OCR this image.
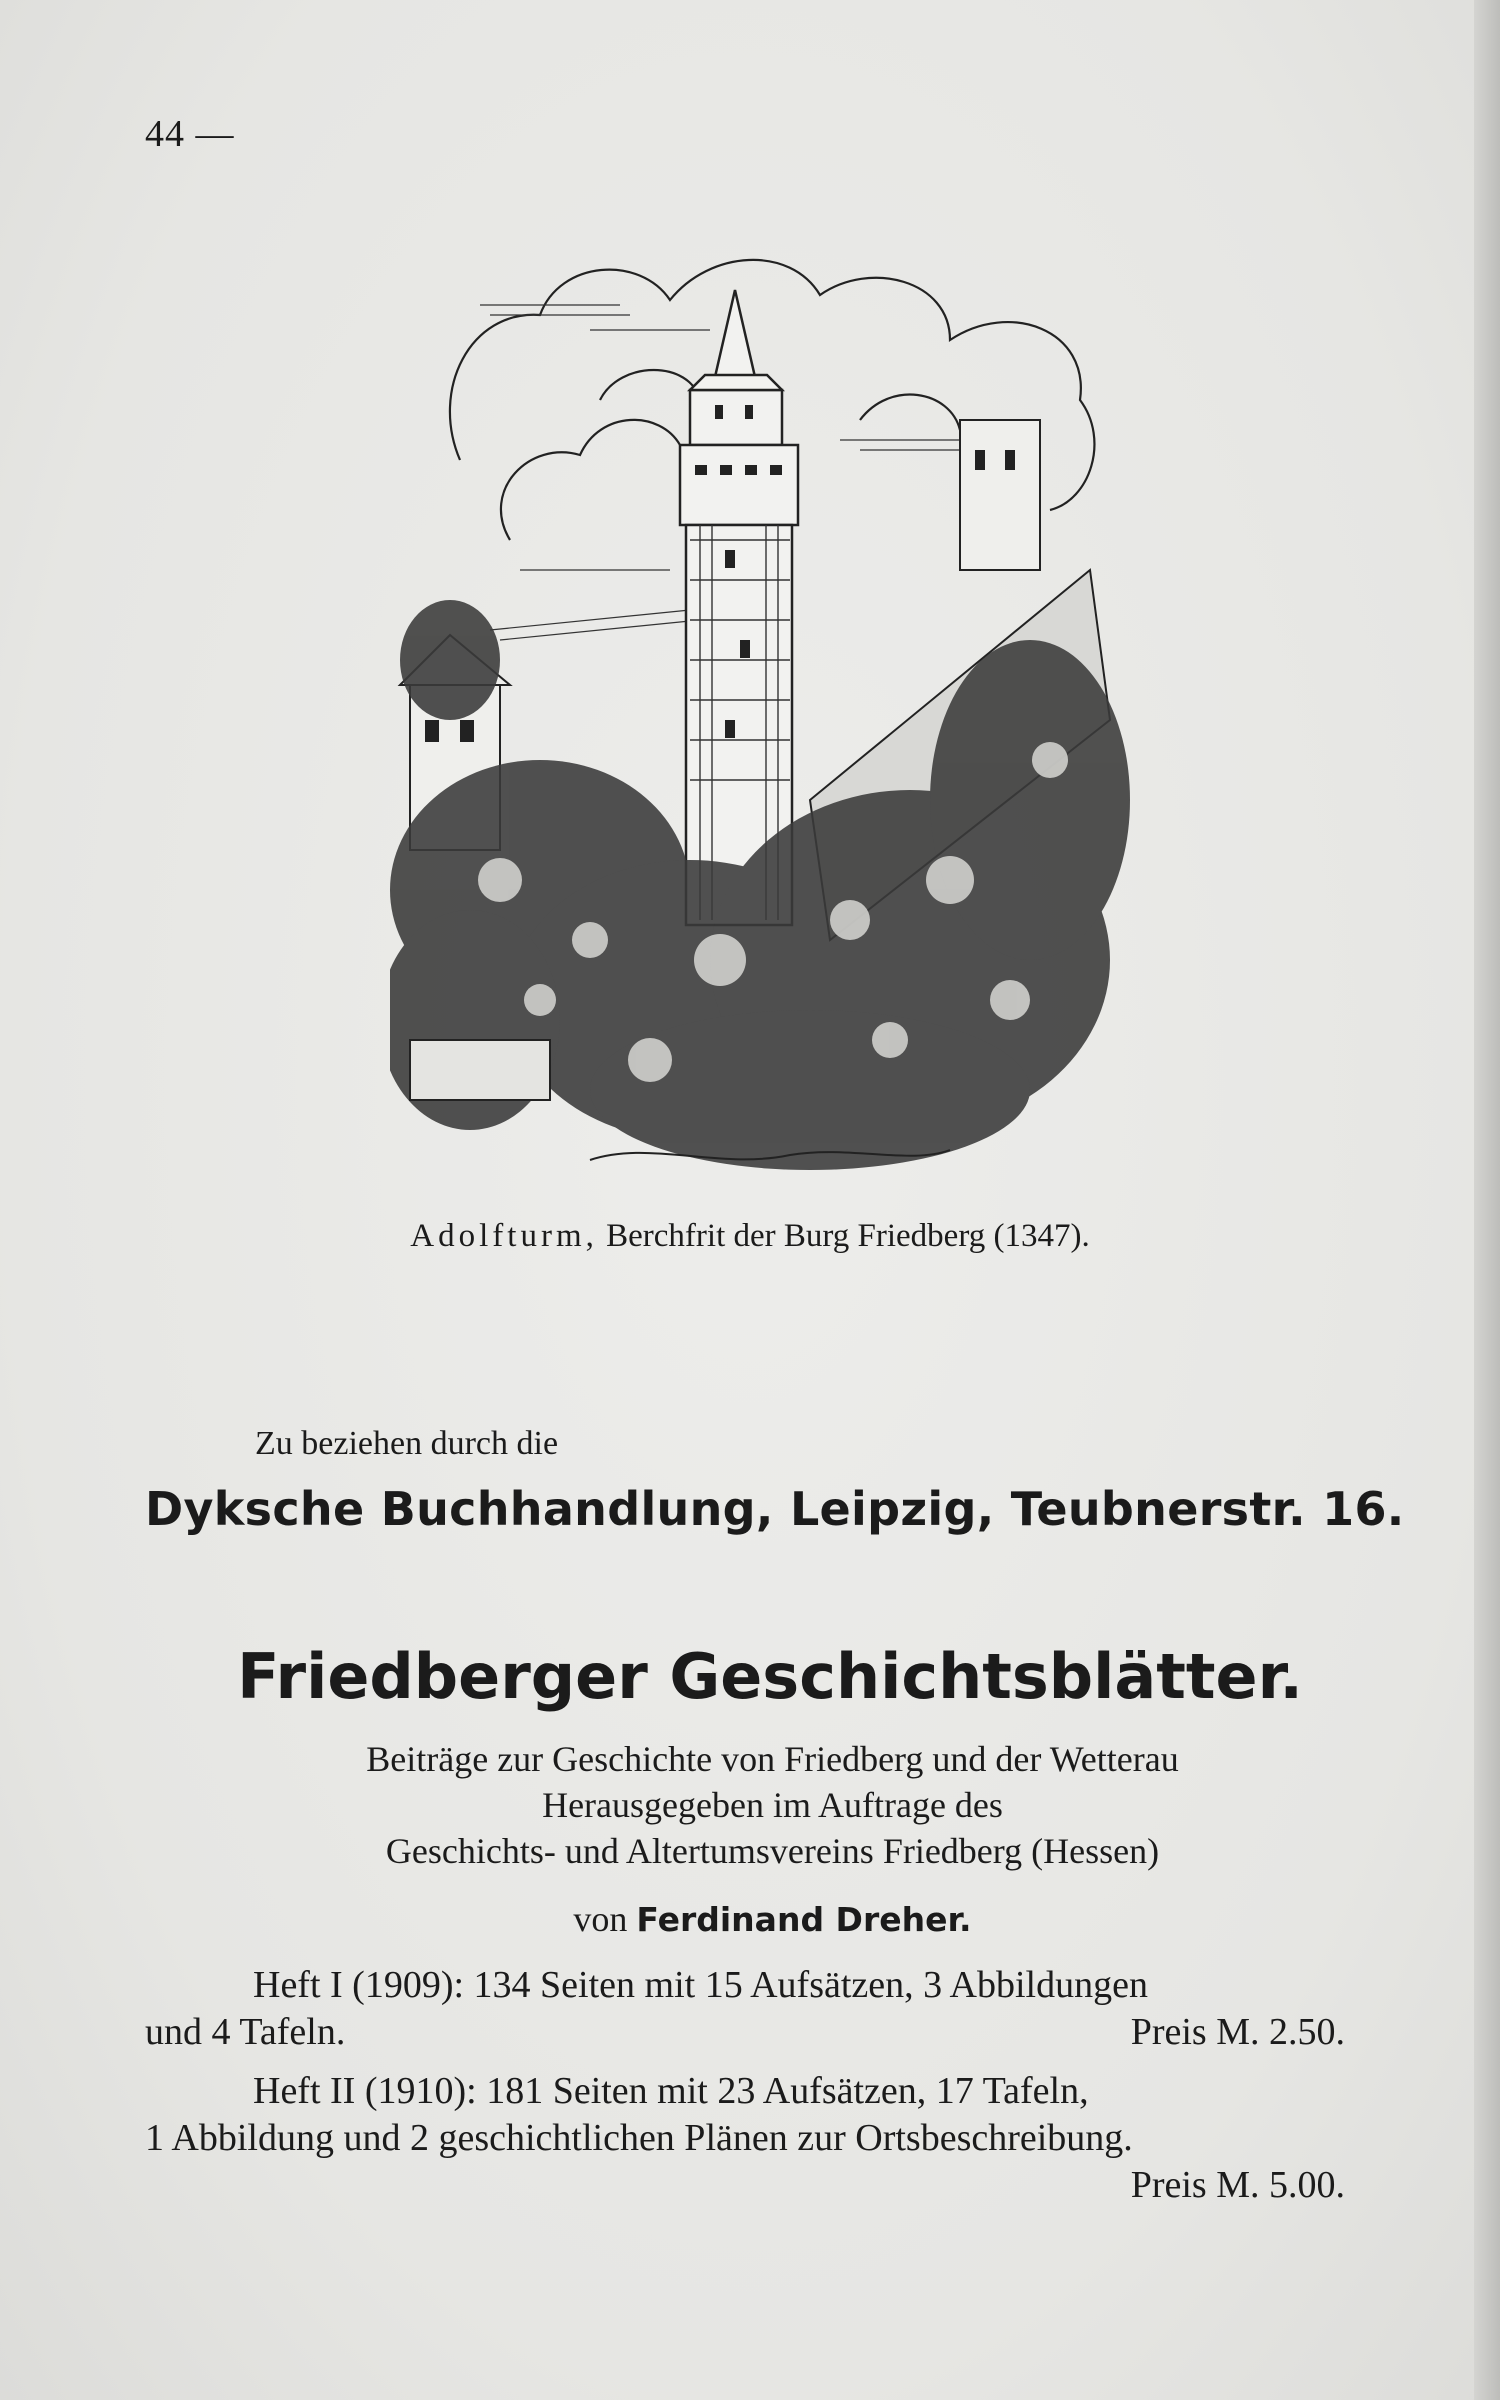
44 —
Adolfturm, Berchfrit der Burg Friedberg (1347).
Zu beziehen durch die
Dyksche Buchhandlung, Leipzig, Teubnerstr. 16.
Friedberger Geschichtsblätter.
Beiträge zur Geschichte von Friedberg und der Wetterau
Herausgegeben im Auftrage des
Geschichts- und Altertumsvereins Friedberg (Hessen)
von Ferdinand Dreher.
Heft I (1909): 134 Seiten mit 15 Aufsätzen, 3 Abbildungen
und 4 Tafeln.	Preis M. 2.50.
Heft II (1910): 181 Seiten mit 23 Aufsätzen, 17 Tafeln,
1 Abbildung und 2 geschichtlichen Plänen zur Ortsbeschreibung.
Preis M. 5.00.
